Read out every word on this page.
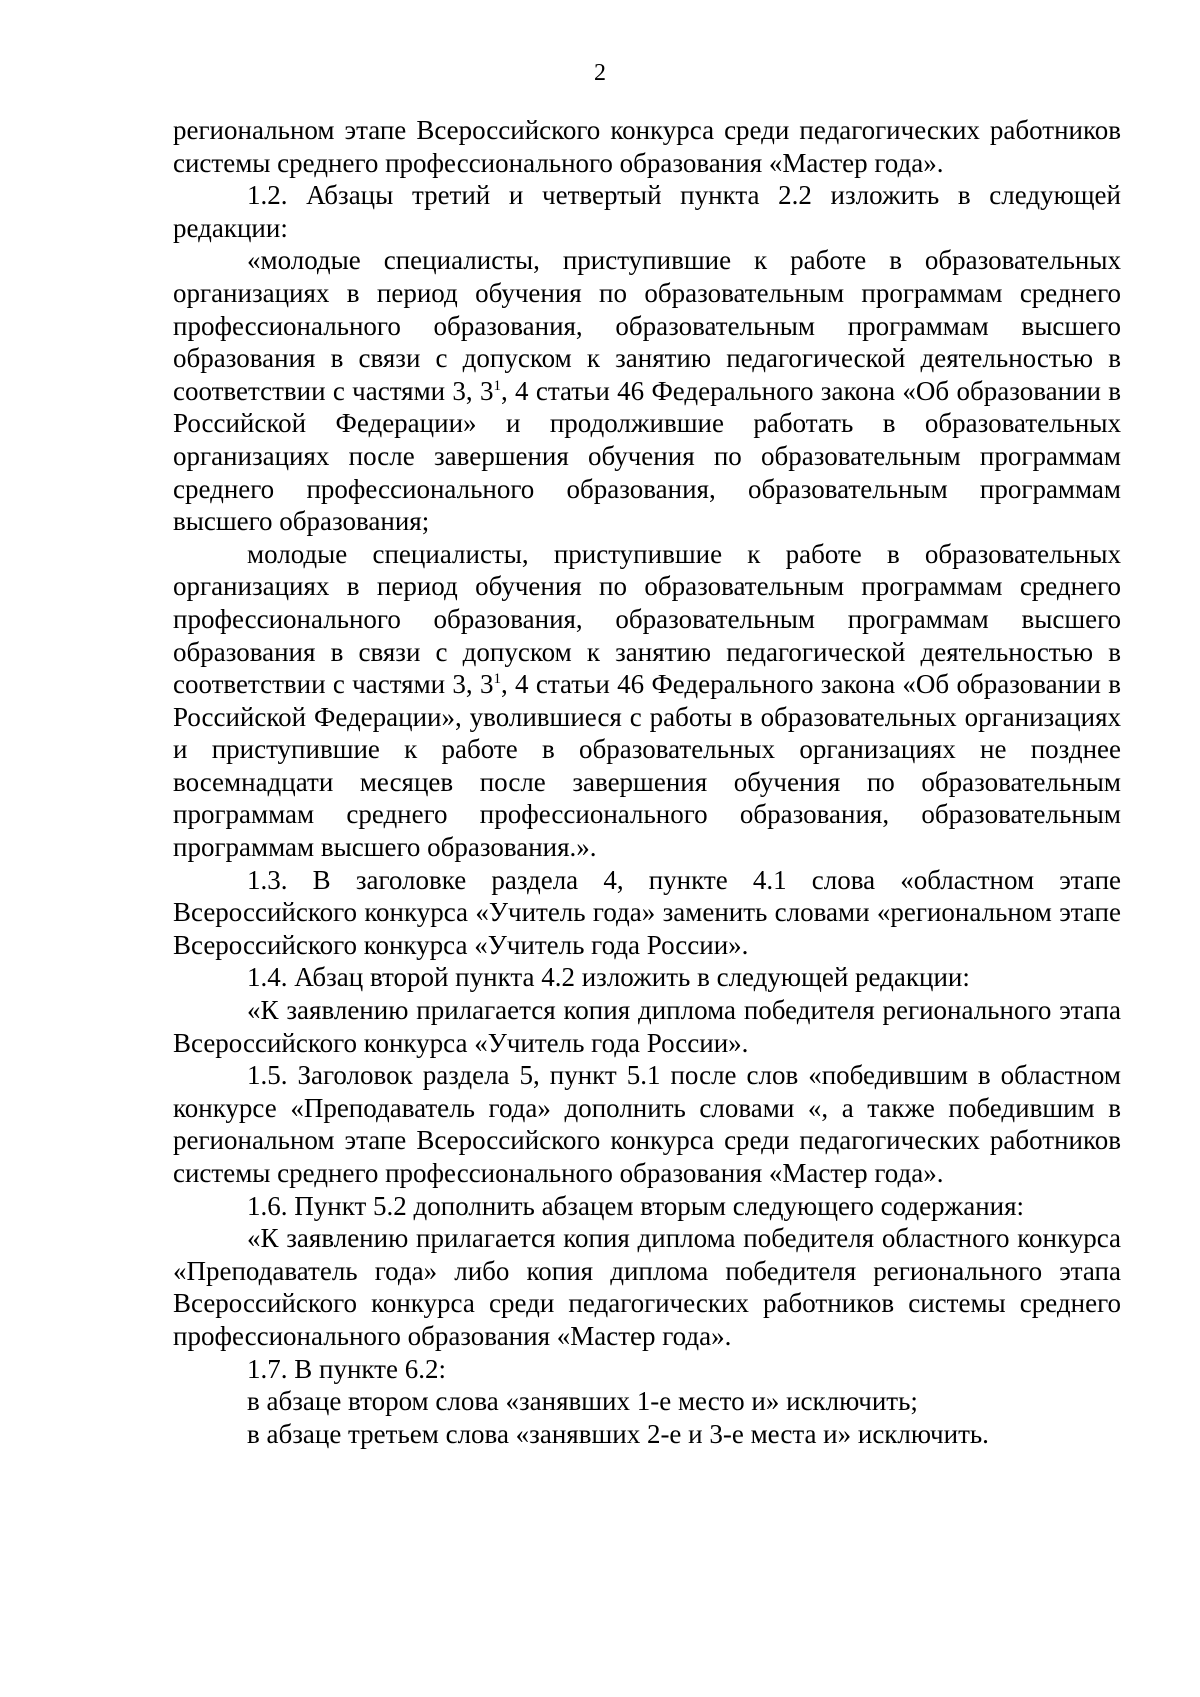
2

региональном этапе Всероссийского конкурса среди педагогических работников системы среднего профессионального образования «Мастер года».

1.2. Абзацы третий и четвертый пункта 2.2 изложить в следующей редакции:

«молодые специалисты, приступившие к работе в образовательных организациях в период обучения по образовательным программам среднего профессионального образования, образовательным программам высшего образования в связи с допуском к занятию педагогической деятельностью в соответствии с частями 3, $3^1$, 4 статьи 46 Федерального закона «Об образовании в Российской Федерации» и продолжившие работать в образовательных организациях после завершения обучения по образовательным программам среднего профессионального образования, образовательным программам высшего образования;

молодые специалисты, приступившие к работе в образовательных организациях в период обучения по образовательным программам среднего профессионального образования, образовательным программам высшего образования в связи с допуском к занятию педагогической деятельностью в соответствии с частями 3, $3^1$, 4 статьи 46 Федерального закона «Об образовании в Российской Федерации», уволившиеся с работы в образовательных организациях и приступившие к работе в образовательных организациях не позднее восемнадцати месяцев после завершения обучения по образовательным программам среднего профессионального образования, образовательным программам высшего образования.».

1.3. В заголовке раздела 4, пункте 4.1 слова «областном этапе Всероссийского конкурса «Учитель года» заменить словами «региональном этапе Всероссийского конкурса «Учитель года России».

1.4. Абзац второй пункта 4.2 изложить в следующей редакции:

«К заявлению прилагается копия диплома победителя регионального этапа Всероссийского конкурса «Учитель года России».

1.5. Заголовок раздела 5, пункт 5.1 после слов «победившим в областном конкурсе «Преподаватель года» дополнить словами «, а также победившим в региональном этапе Всероссийского конкурса среди педагогических работников системы среднего профессионального образования «Мастер года».

1.6. Пункт 5.2 дополнить абзацем вторым следующего содержания:

«К заявлению прилагается копия диплома победителя областного конкурса «Преподаватель года» либо копия диплома победителя регионального этапа Всероссийского конкурса среди педагогических работников системы среднего профессионального образования «Мастер года».

1.7. В пункте 6.2:

в абзаце втором слова «занявших 1-е место и» исключить;

в абзаце третьем слова «занявших 2-е и 3-е места и» исключить.
